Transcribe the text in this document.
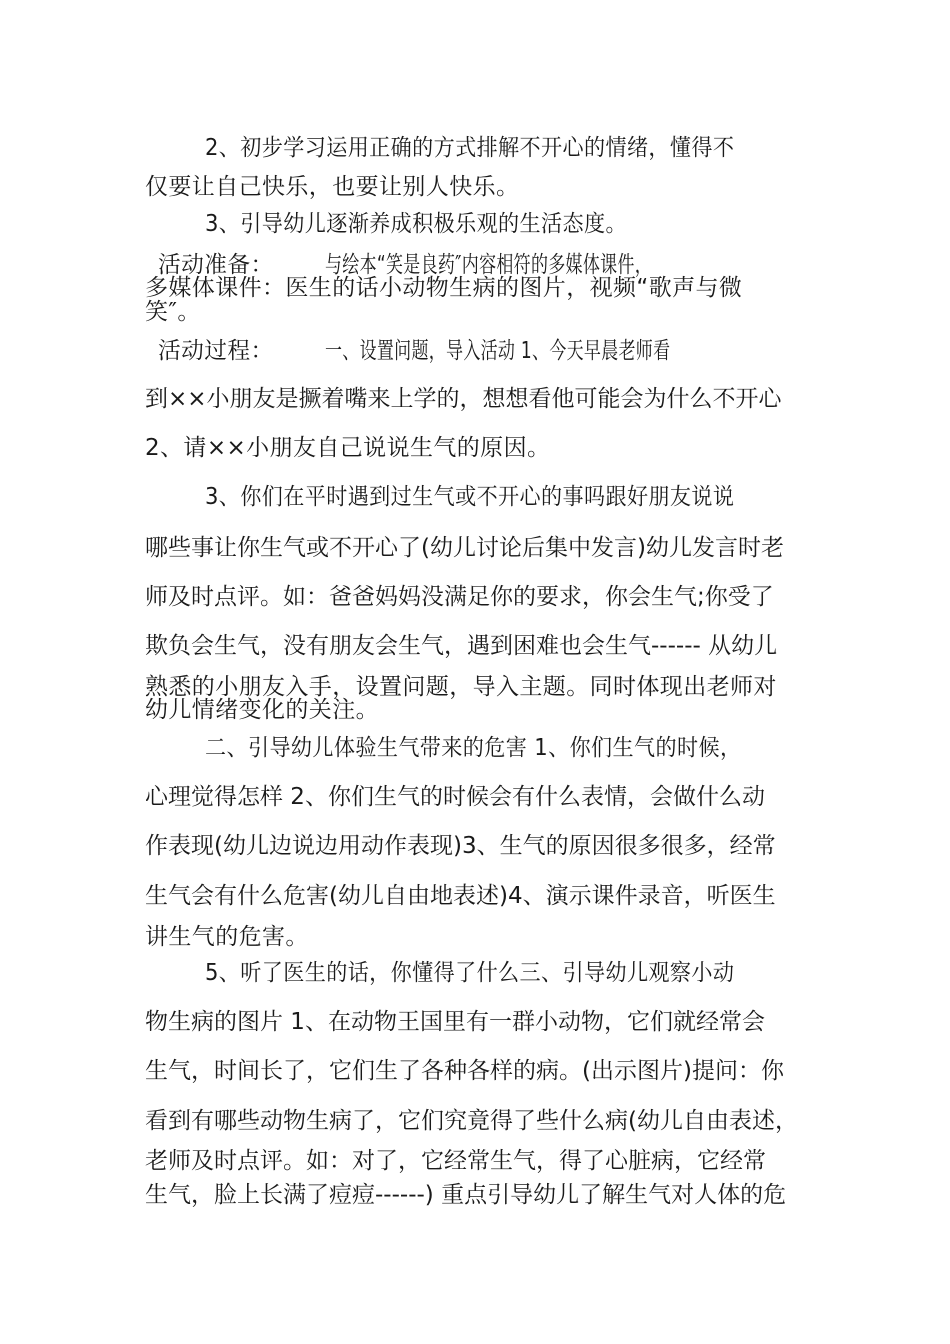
2、初步学习运用正确的方式排解不开心的情绪，懂得不
仅要让自己快乐，也要让别人快乐。
3、引导幼儿逐渐养成积极乐观的生活态度。
活动准备：	与绘本“笑是良药″内容相符的多媒体课件，
多媒体课件：医生的话小动物生病的图片，视频“歌声与微
笑″。
活动过程：	一、设置问题，导入活动 1、今天早晨老师看
到××小朋友是撅着嘴来上学的，想想看他可能会为什么不开心
2、请××小朋友自己说说生气的原因。
3、你们在平时遇到过生气或不开心的事吗跟好朋友说说
哪些事让你生气或不开心了(幼儿讨论后集中发言)幼儿发言时老
师及时点评。如：爸爸妈妈没满足你的要求，你会生气;你受了
欺负会生气，没有朋友会生气，遇到困难也会生气------ 从幼儿
熟悉的小朋友入手，设置问题，导入主题。同时体现出老师对
幼儿情绪变化的关注。
二、引导幼儿体验生气带来的危害 1、你们生气的时候，
心理觉得怎样 2、你们生气的时候会有什么表情，会做什么动
作表现(幼儿边说边用动作表现)3、生气的原因很多很多，经常
生气会有什么危害(幼儿自由地表述)4、演示课件录音，听医生
讲生气的危害。
5、听了医生的话，你懂得了什么三、引导幼儿观察小动
物生病的图片 1、在动物王国里有一群小动物，它们就经常会
生气，时间长了，它们生了各种各样的病。(出示图片)提问：你
看到有哪些动物生病了，它们究竟得了些什么病(幼儿自由表述，
老师及时点评。如：对了，它经常生气，得了心脏病，它经常
生气，脸上长满了痘痘------) 重点引导幼儿了解生气对人体的危
